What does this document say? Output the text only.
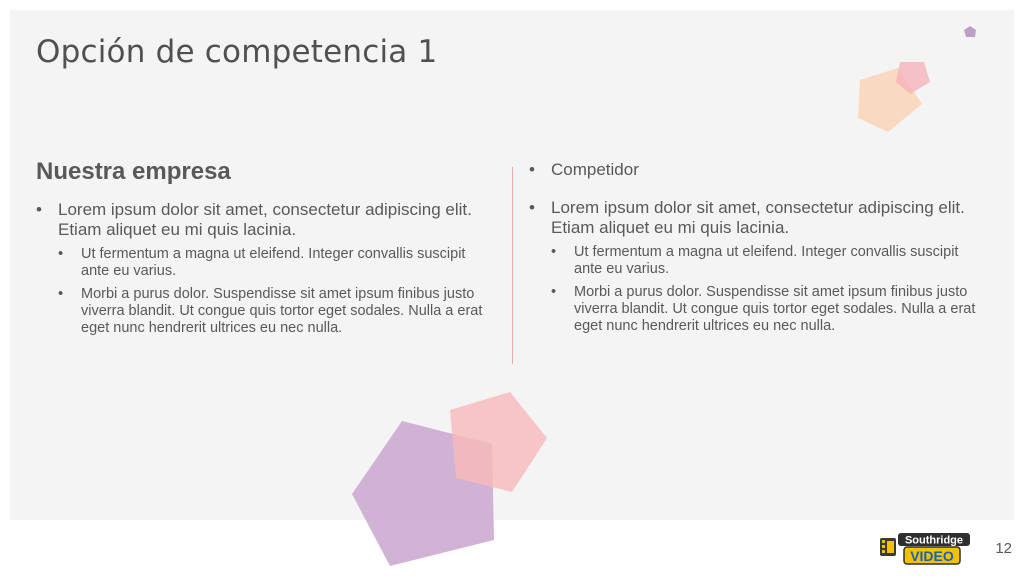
Opción de competencia 1
Nuestra empresa
• Lorem ipsum dolor sit amet, consectetur adipiscing elit. Etiam aliquet eu mi quis lacinia.
• Ut fermentum a magna ut eleifend. Integer convallis suscipit ante eu varius.
• Morbi a purus dolor. Suspendisse sit amet ipsum finibus justo viverra blandit. Ut congue quis tortor eget sodales. Nulla a erat eget nunc hendrerit ultrices eu nec nulla.
• Competidor
• Lorem ipsum dolor sit amet, consectetur adipiscing elit. Etiam aliquet eu mi quis lacinia.
• Ut fermentum a magna ut eleifend. Integer convallis suscipit ante eu varius.
• Morbi a purus dolor. Suspendisse sit amet ipsum finibus justo viverra blandit. Ut congue quis tortor eget sodales. Nulla a erat eget nunc hendrerit ultrices eu nec nulla.
Southridge
VIDEO	12
